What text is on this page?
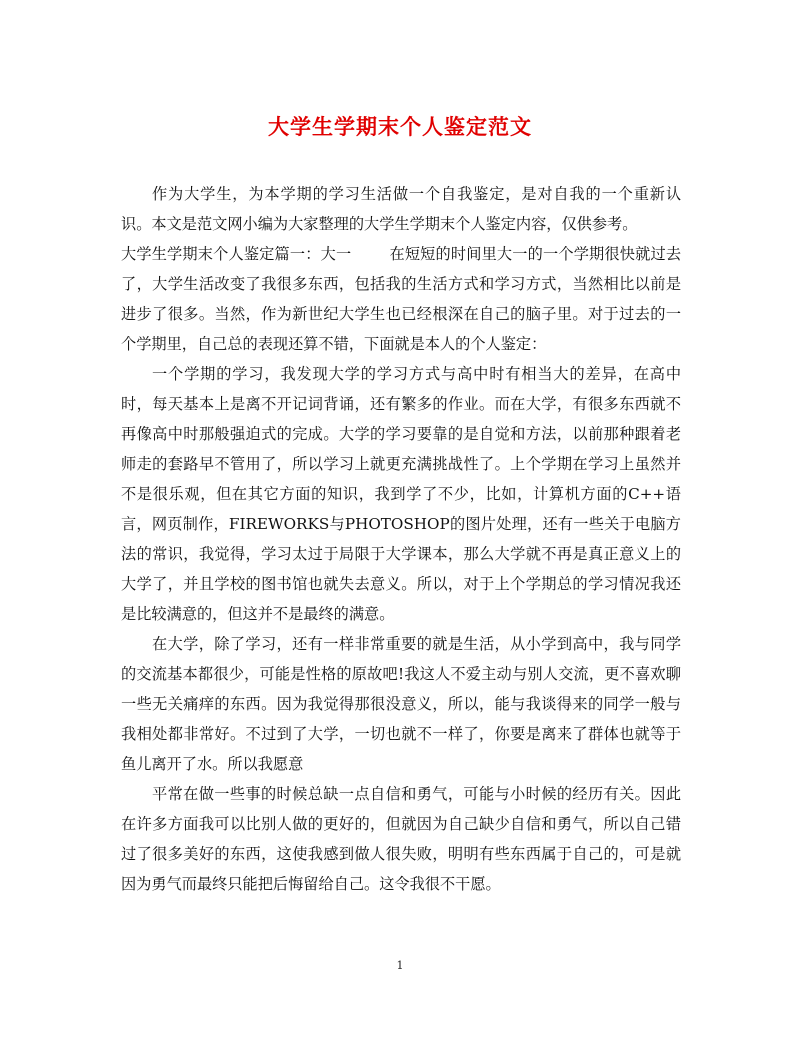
大学生学期末个人鉴定范文

作为大学生，为本学期的学习生活做一个自我鉴定，是对自我的一个重新认识。本文是范文网小编为大家整理的大学生学期末个人鉴定内容，仅供参考。

大学生学期末个人鉴定篇一：大一	在短短的时间里大一的一个学期很快就过去了，大学生活改变了我很多东西，包括我的生活方式和学习方式，当然相比以前是进步了很多。当然，作为新世纪大学生也已经根深在自己的脑子里。对于过去的一个学期里，自己总的表现还算不错，下面就是本人的个人鉴定：

一个学期的学习，我发现大学的学习方式与高中时有相当大的差异，在高中时，每天基本上是离不开记词背诵，还有繁多的作业。而在大学，有很多东西就不再像高中时那般强迫式的完成。大学的学习要靠的是自觉和方法，以前那种跟着老师走的套路早不管用了，所以学习上就更充满挑战性了。上个学期在学习上虽然并不是很乐观，但在其它方面的知识，我到学了不少，比如，计算机方面的C++语言，网页制作，FIREWORKS与PHOTOSHOP的图片处理，还有一些关于电脑方法的常识，我觉得，学习太过于局限于大学课本，那么大学就不再是真正意义上的大学了，并且学校的图书馆也就失去意义。所以，对于上个学期总的学习情况我还是比较满意的，但这并不是最终的满意。

在大学，除了学习，还有一样非常重要的就是生活，从小学到高中，我与同学的交流基本都很少，可能是性格的原故吧!我这人不爱主动与别人交流，更不喜欢聊一些无关痛痒的东西。因为我觉得那很没意义，所以，能与我谈得来的同学一般与我相处都非常好。不过到了大学，一切也就不一样了，你要是离来了群体也就等于鱼儿离开了水。所以我愿意

平常在做一些事的时候总缺一点自信和勇气，可能与小时候的经历有关。因此在许多方面我可以比别人做的更好的，但就因为自己缺少自信和勇气，所以自己错过了很多美好的东西，这使我感到做人很失败，明明有些东西属于自己的，可是就因为勇气而最终只能把后悔留给自己。这令我很不干愿。

1
